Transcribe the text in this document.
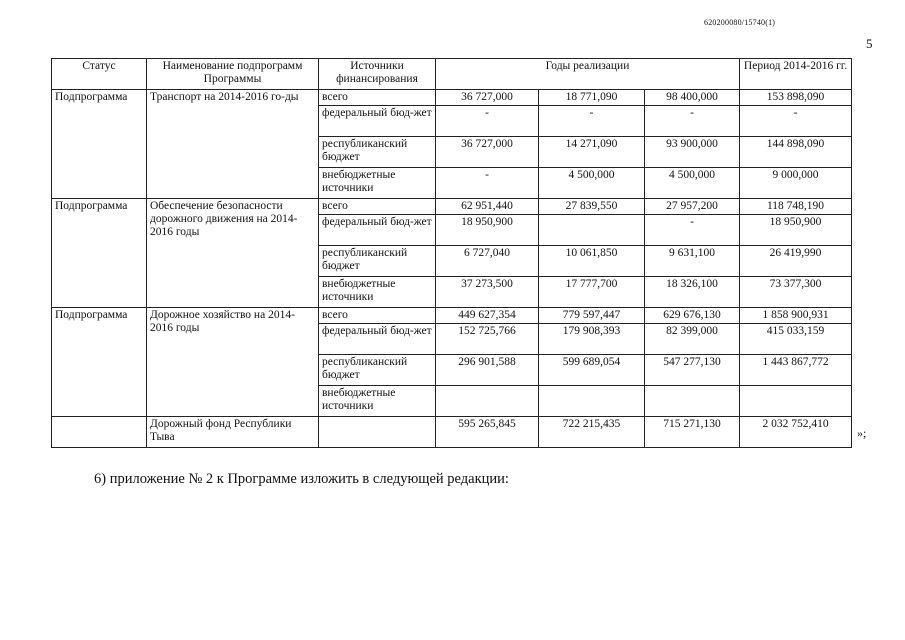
620200080/15740(1)
5
Статус	Наименование подпрограмм Программы	Источники финансирования	Годы реализации			Период 2014-2016 гг.
Подпрограмма	Транспорт на 2014-2016 го-ды	всего	36 727,000	18 771,090	98 400,000	153 898,090
		федеральный бюд-жет	-	-	-	-
		республиканский бюджет	36 727,000	14 271,090	93 900,000	144 898,090
		внебюджетные источники	-	4 500,000	4 500,000	9 000,000
Подпрограмма	Обеспечение безопасности дорожного движения на 2014-2016 годы	всего	62 951,440	27 839,550	27 957,200	118 748,190
		федеральный бюд-жет	18 950,900		-	18 950,900
		республиканский бюджет	6 727,040	10 061,850	9 631,100	26 419,990
		внебюджетные источники	37 273,500	17 777,700	18 326,100	73 377,300
Подпрограмма	Дорожное хозяйство на 2014-2016 годы	всего	449 627,354	779 597,447	629 676,130	1 858 900,931
		федеральный бюд-жет	152 725,766	179 908,393	82 399,000	415 033,159
		республиканский бюджет	296 901,588	599 689,054	547 277,130	1 443 867,772
		внебюджетные источники				
	Дорожный фонд Республики Тыва		595 265,845	722 215,435	715 271,130	2 032 752,410
»;
6) приложение № 2 к Программе изложить в следующей редакции:
